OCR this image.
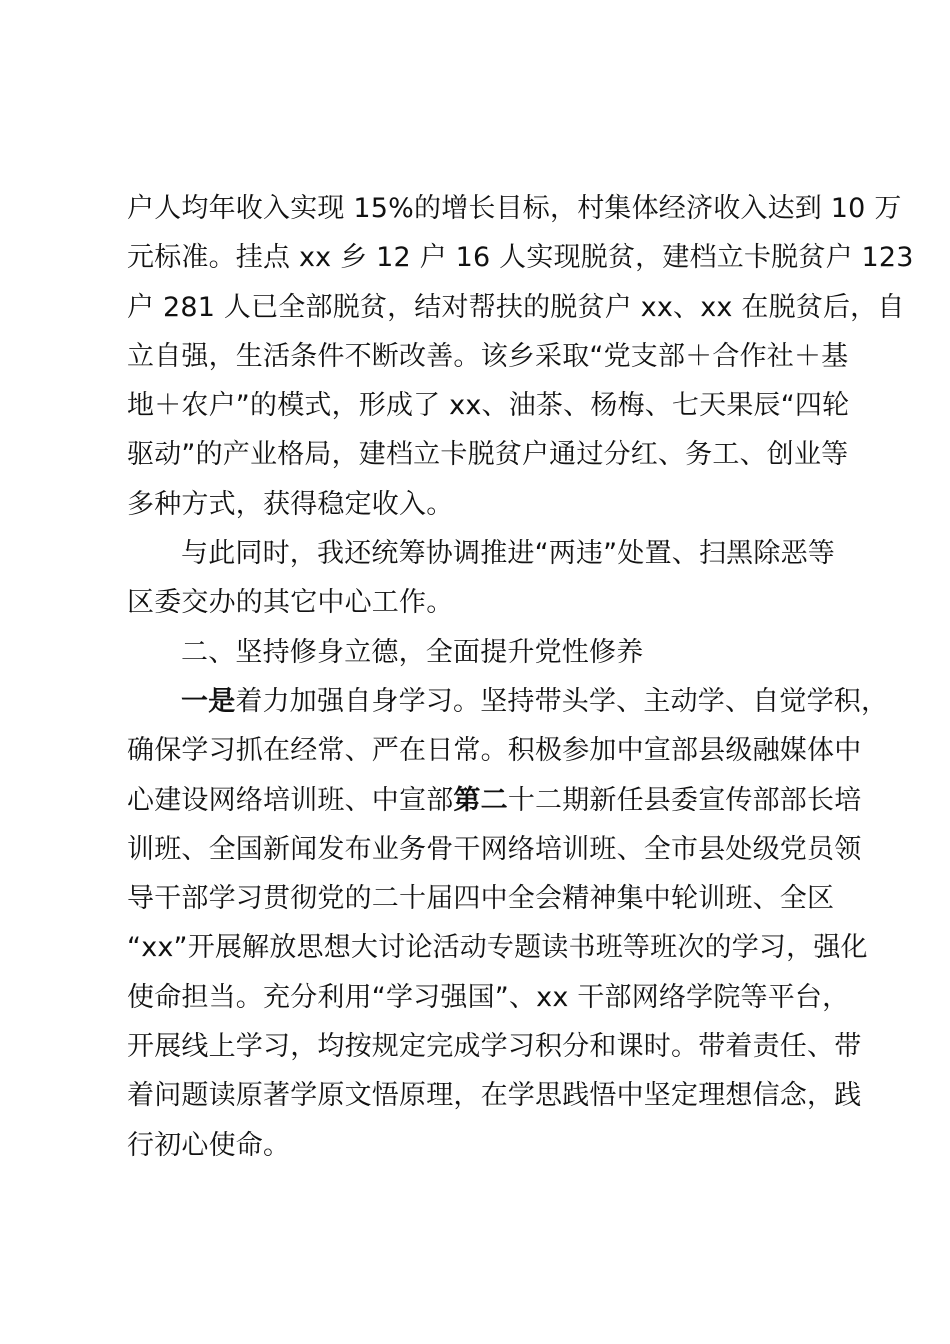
户人均年收入实现 15%的增长目标，村集体经济收入达到 10 万
元标准。挂点 xx 乡 12 户 16 人实现脱贫，建档立卡脱贫户 123
户 281 人已全部脱贫，结对帮扶的脱贫户 xx、xx 在脱贫后，自
立自强，生活条件不断改善。该乡采取“党支部＋合作社＋基
地＋农户”的模式，形成了 xx、油茶、杨梅、七天果辰“四轮
驱动”的产业格局，建档立卡脱贫户通过分红、务工、创业等
多种方式，获得稳定收入。
与此同时，我还统筹协调推进“两违”处置、扫黑除恶等
区委交办的其它中心工作。
二、坚持修身立德，全面提升党性修养
一是着力加强自身学习。坚持带头学、主动学、自觉学积，
确保学习抓在经常、严在日常。积极参加中宣部县级融媒体中
心建设网络培训班、中宣部第二十二期新任县委宣传部部长培
训班、全国新闻发布业务骨干网络培训班、全市县处级党员领
导干部学习贯彻党的二十届四中全会精神集中轮训班、全区
“xx”开展解放思想大讨论活动专题读书班等班次的学习，强化
使命担当。充分利用“学习强国”、xx 干部网络学院等平台，
开展线上学习，均按规定完成学习积分和课时。带着责任、带
着问题读原著学原文悟原理，在学思践悟中坚定理想信念，践
行初心使命。
